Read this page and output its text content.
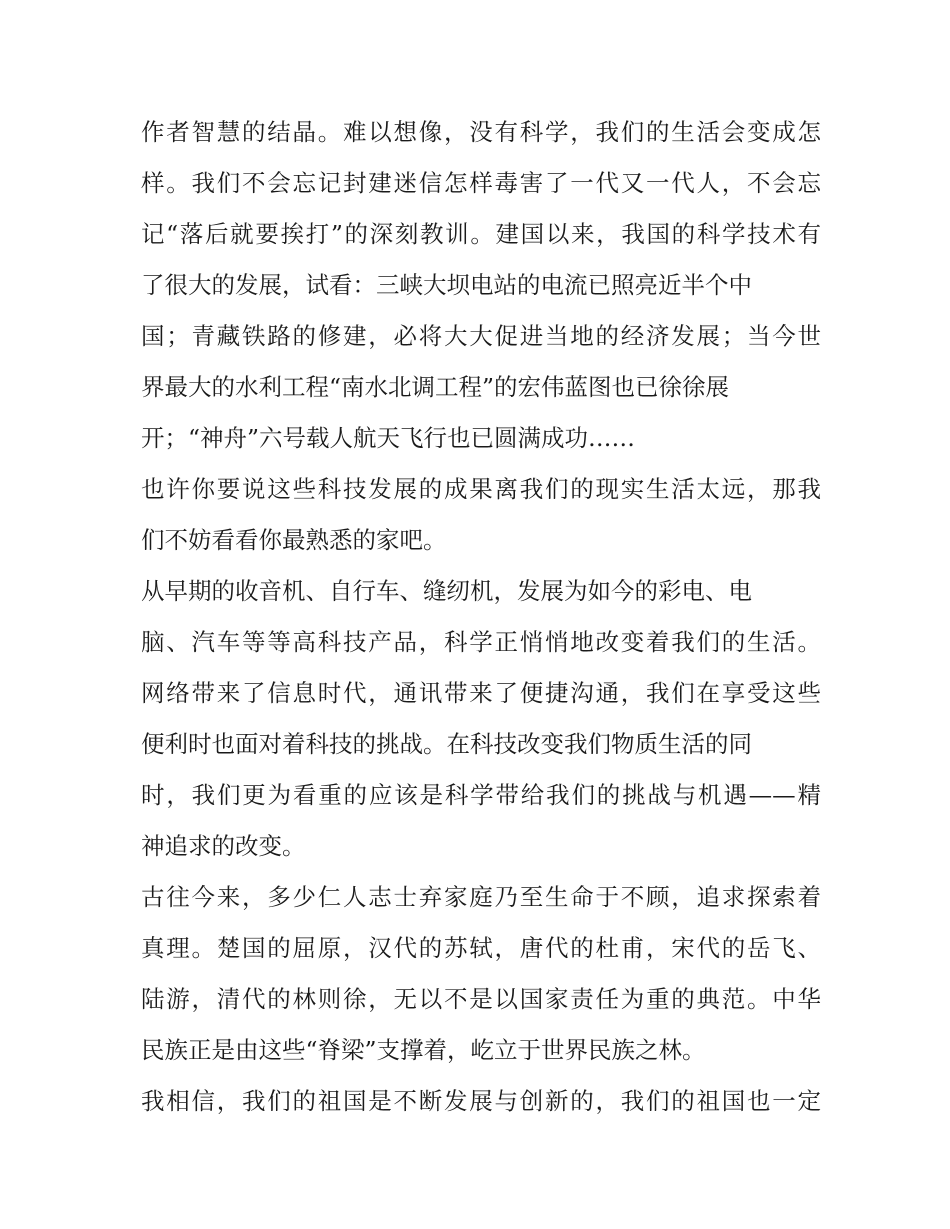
作者智慧的结晶。难以想像，没有科学，我们的生活会变成怎
样。我们不会忘记封建迷信怎样毒害了一代又一代人，不会忘
记“落后就要挨打”的深刻教训。建国以来，我国的科学技术有
了很大的发展，试看：三峡大坝电站的电流已照亮近半个中
国；青藏铁路的修建，必将大大促进当地的经济发展；当今世
界最大的水利工程“南水北调工程”的宏伟蓝图也已徐徐展
开；“神舟”六号载人航天飞行也已圆满成功……
也许你要说这些科技发展的成果离我们的现实生活太远，那我
们不妨看看你最熟悉的家吧。
从早期的收音机、自行车、缝纫机，发展为如今的彩电、电
脑、汽车等等高科技产品，科学正悄悄地改变着我们的生活。
网络带来了信息时代，通讯带来了便捷沟通，我们在享受这些
便利时也面对着科技的挑战。在科技改变我们物质生活的同
时，我们更为看重的应该是科学带给我们的挑战与机遇——精
神追求的改变。
古往今来，多少仁人志士弃家庭乃至生命于不顾，追求探索着
真理。楚国的屈原，汉代的苏轼，唐代的杜甫，宋代的岳飞、
陆游，清代的林则徐，无以不是以国家责任为重的典范。中华
民族正是由这些“脊梁”支撑着，屹立于世界民族之林。
我相信，我们的祖国是不断发展与创新的，我们的祖国也一定
